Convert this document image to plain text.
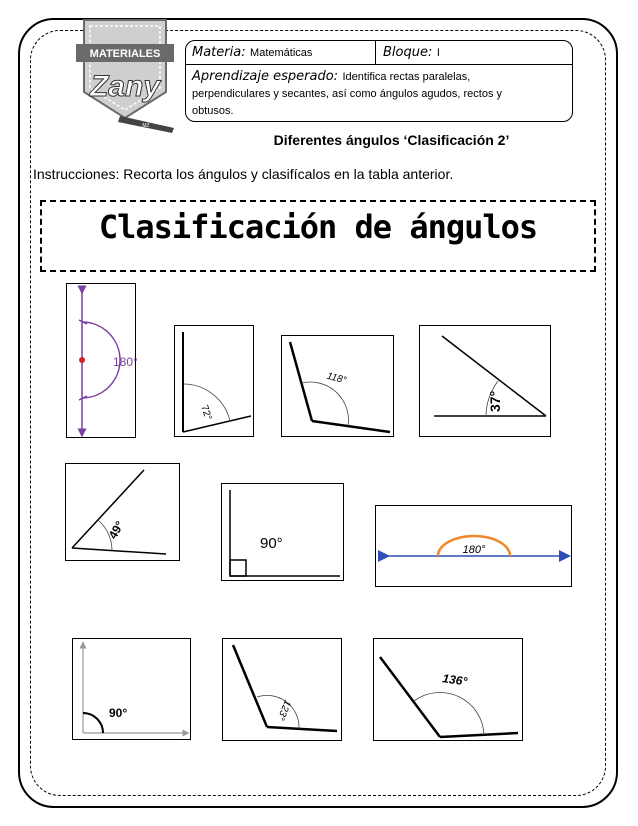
MATERIALES
Zany
MZ
Materia: Matemáticas	Bloque: I
Aprendizaje esperado: Identifica rectas paralelas,
perpendiculares y secantes, así como ángulos agudos, rectos y
obtusos.
Diferentes ángulos ‘Clasificación 2’
Instrucciones: Recorta los ángulos y clasifícalos en la tabla anterior.
Clasificación de ángulos
180°
72°
118°
37°
49°
90°	180°
90°	123°
136°
